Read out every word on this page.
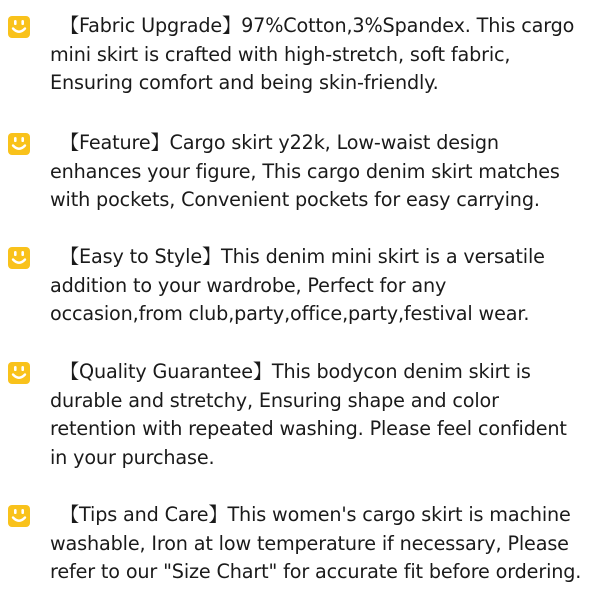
【Fabric Upgrade】97%Cotton,3%Spandex. This cargo
mini skirt is crafted with high-stretch, soft fabric,
Ensuring comfort and being skin-friendly.
【Feature】Cargo skirt y22k, Low-waist design
enhances your figure, This cargo denim skirt matches
with pockets, Convenient pockets for easy carrying.
【Easy to Style】This denim mini skirt is a versatile
addition to your wardrobe, Perfect for any
occasion,from club,party,office,party,festival wear.
【Quality Guarantee】This bodycon denim skirt is
durable and stretchy, Ensuring shape and color
retention with repeated washing. Please feel confident
in your purchase.
【Tips and Care】This women's cargo skirt is machine
washable, Iron at low temperature if necessary, Please
refer to our "Size Chart" for accurate fit before ordering.
